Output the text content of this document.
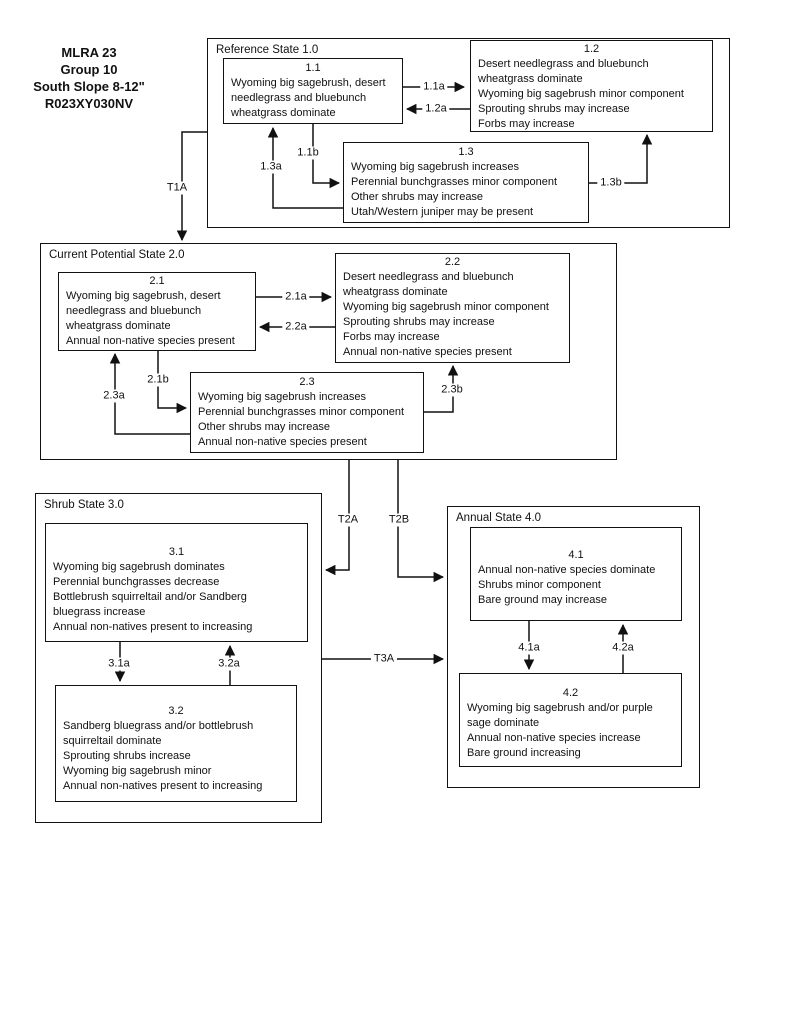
MLRA 23
Group 10
South Slope 8-12"
R023XY030NV
Reference State 1.0
Current Potential State 2.0
Shrub State 3.0
Annual State 4.0
1.1
Wyoming big sagebrush, desert
needlegrass and bluebunch
wheatgrass dominate
1.2
Desert needlegrass and bluebunch
wheatgrass dominate
Wyoming big sagebrush minor component
Sprouting shrubs may increase
Forbs may increase
1.3
Wyoming big sagebrush increases
Perennial bunchgrasses minor component
Other shrubs may increase
Utah/Western juniper may be present
2.1
Wyoming big sagebrush, desert
needlegrass and bluebunch
wheatgrass dominate
Annual non-native species present
2.2
Desert needlegrass and bluebunch
wheatgrass dominate
Wyoming big sagebrush minor component
Sprouting shrubs may increase
Forbs may increase
Annual non-native species present
2.3
Wyoming big sagebrush increases
Perennial bunchgrasses minor component
Other shrubs may increase
Annual non-native species present
3.1
Wyoming big sagebrush dominates
Perennial bunchgrasses decrease
Bottlebrush squirreltail and/or Sandberg
bluegrass increase
Annual non-natives present to increasing
3.2
Sandberg bluegrass and/or bottlebrush
squirreltail dominate
Sprouting shrubs increase
Wyoming big sagebrush minor
Annual non-natives present to increasing
4.1
Annual non-native species dominate
Shrubs minor component
Bare ground may increase
4.2
Wyoming big sagebrush and/or purple
sage dominate
Annual non-native species increase
Bare ground increasing
1.1a
1.2a
1.1b
1.3a
1.3b
T1A
2.1a
2.2a
2.1b
2.3a	2.3b
T2A	T2B
T3A
3.1a	3.2a
4.1a	4.2a
